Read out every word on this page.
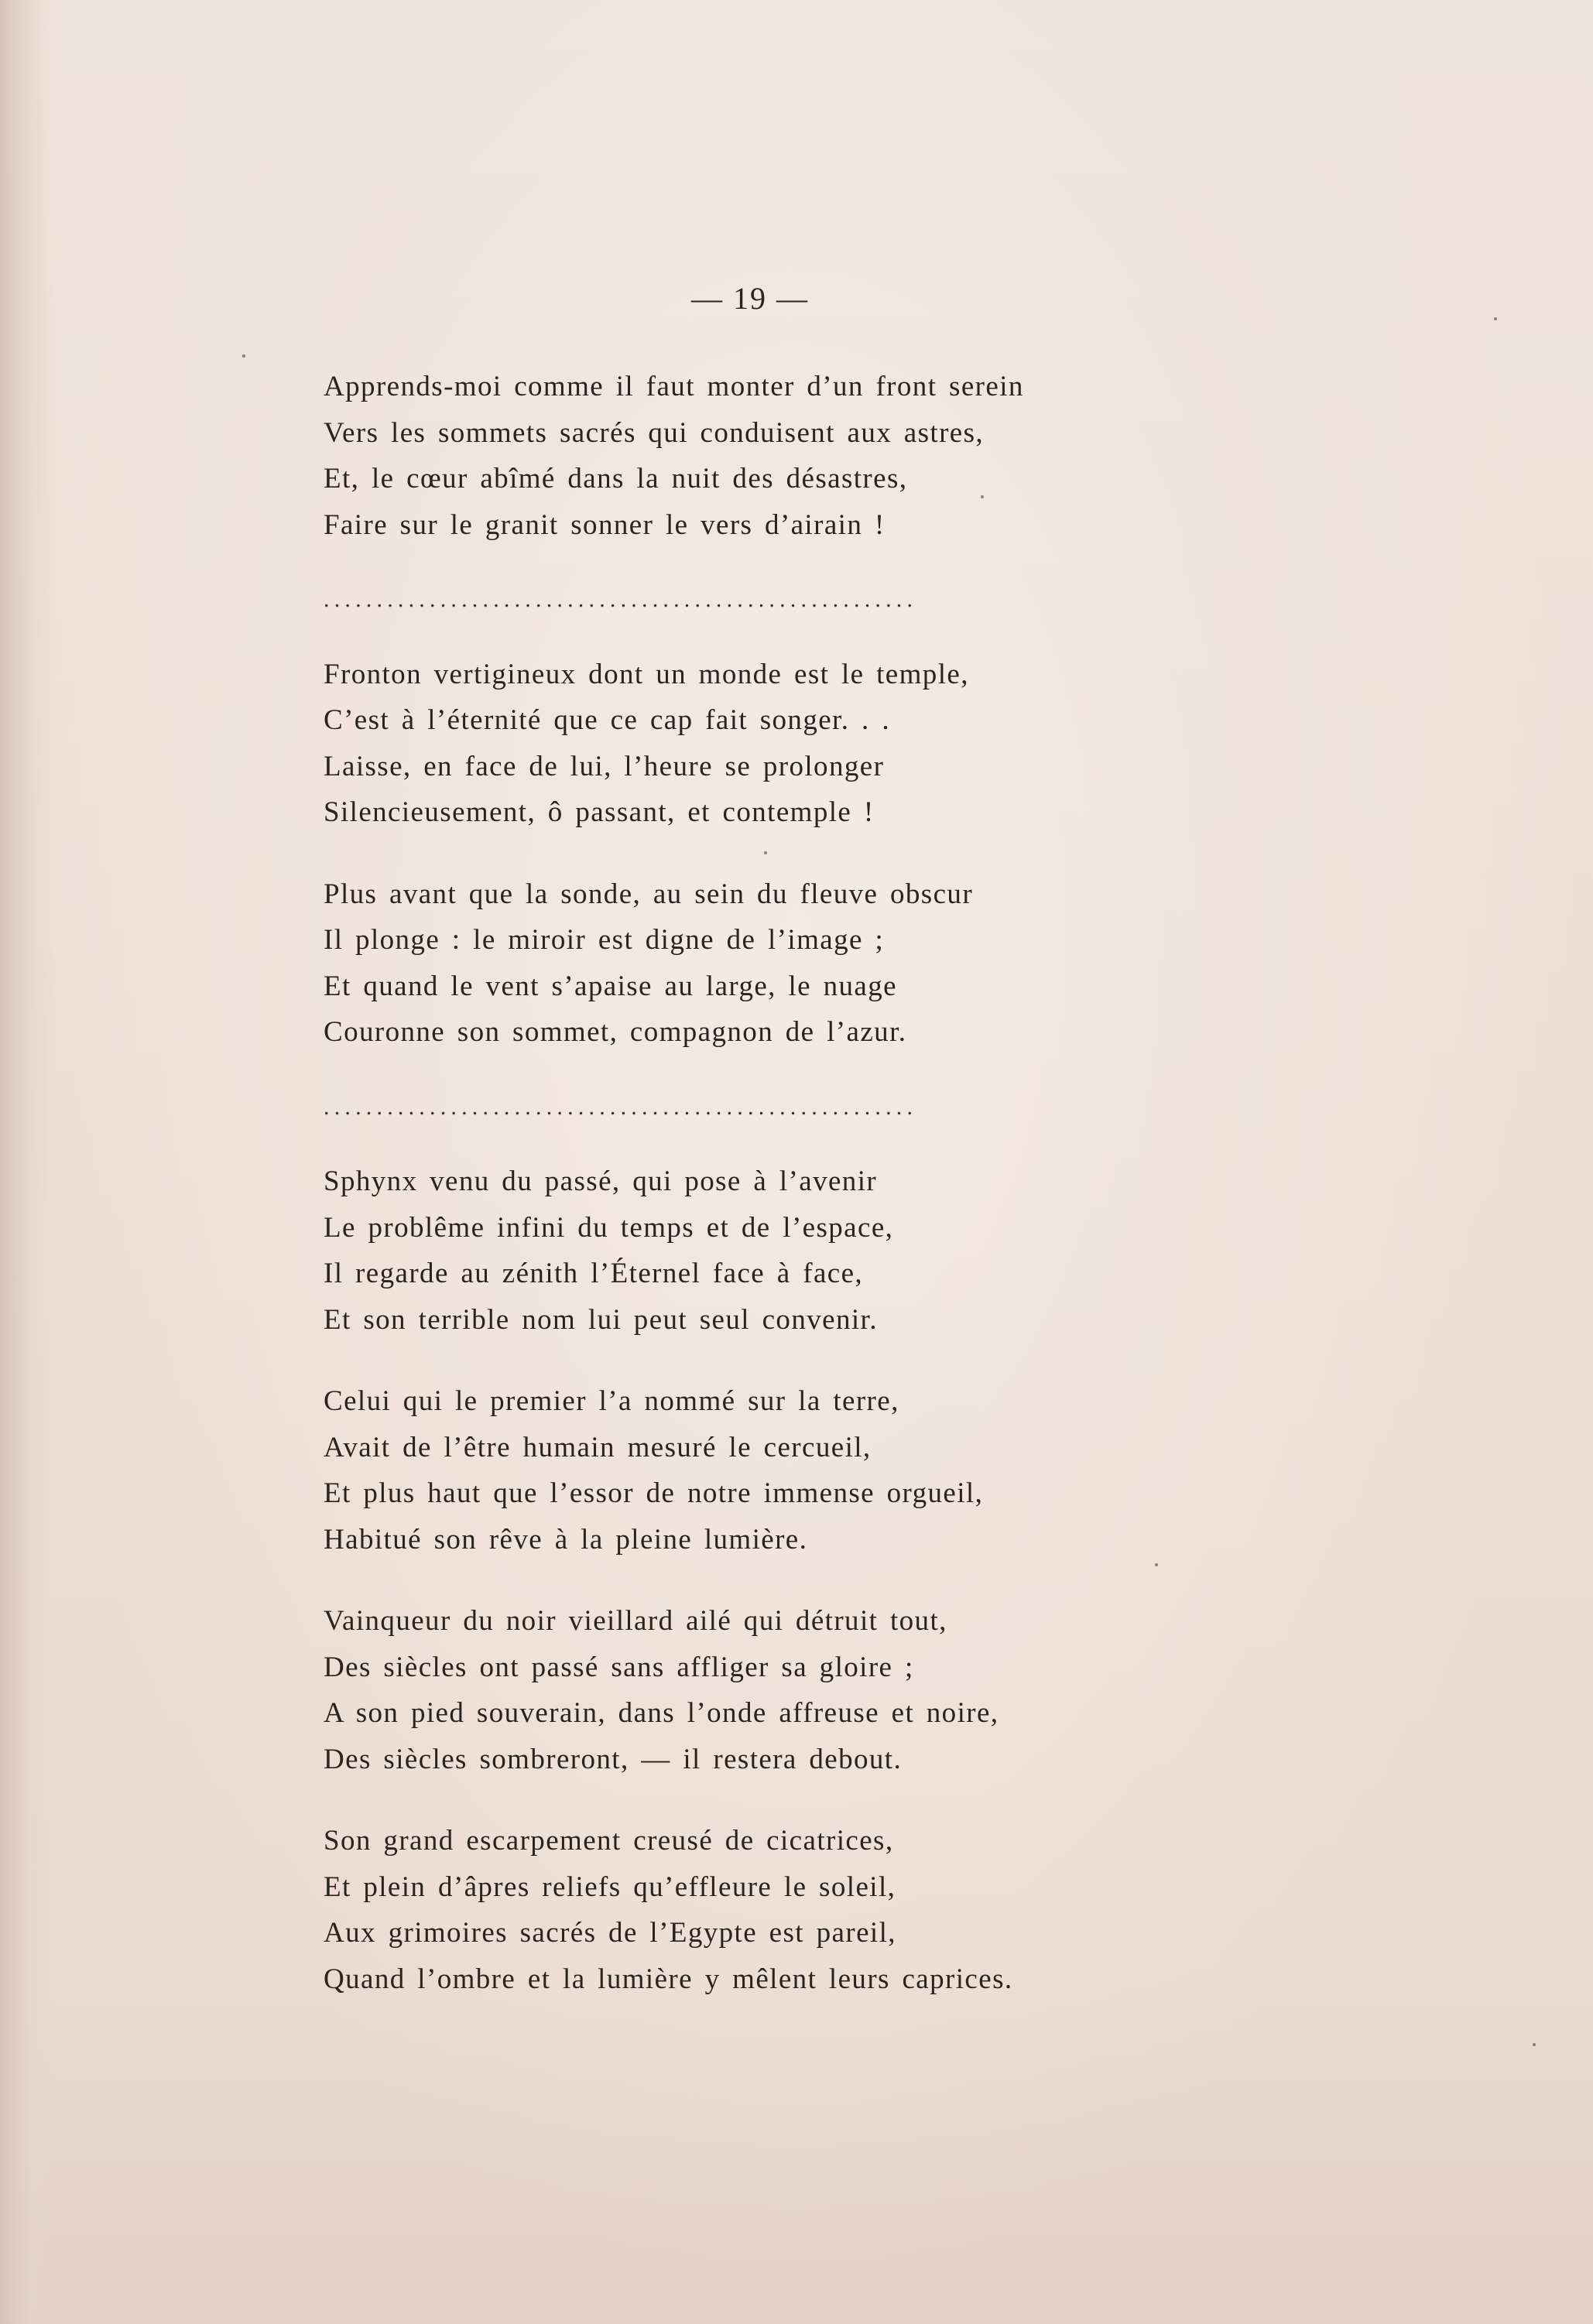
— 19 —
Apprends-moi comme il faut monter d’un front serein
Vers les sommets sacrés qui conduisent aux astres,
Et, le cœur abîmé dans la nuit des désastres,
Faire sur le granit sonner le vers d’airain !
........................................................
Fronton vertigineux dont un monde est le temple,
C’est à l’éternité que ce cap fait songer. . .
Laisse, en face de lui, l’heure se prolonger
Silencieusement, ô passant, et contemple !
Plus avant que la sonde, au sein du fleuve obscur
Il plonge : le miroir est digne de l’image ;
Et quand le vent s’apaise au large, le nuage
Couronne son sommet, compagnon de l’azur.
........................................................
Sphynx venu du passé, qui pose à l’avenir
Le problême infini du temps et de l’espace,
Il regarde au zénith l’Éternel face à face,
Et son terrible nom lui peut seul convenir.
Celui qui le premier l’a nommé sur la terre,
Avait de l’être humain mesuré le cercueil,
Et plus haut que l’essor de notre immense orgueil,
Habitué son rêve à la pleine lumière.
Vainqueur du noir vieillard ailé qui détruit tout,
Des siècles ont passé sans affliger sa gloire ;
A son pied souverain, dans l’onde affreuse et noire,
Des siècles sombreront, — il restera debout.
Son grand escarpement creusé de cicatrices,
Et plein d’âpres reliefs qu’effleure le soleil,
Aux grimoires sacrés de l’Egypte est pareil,
Quand l’ombre et la lumière y mêlent leurs caprices.
